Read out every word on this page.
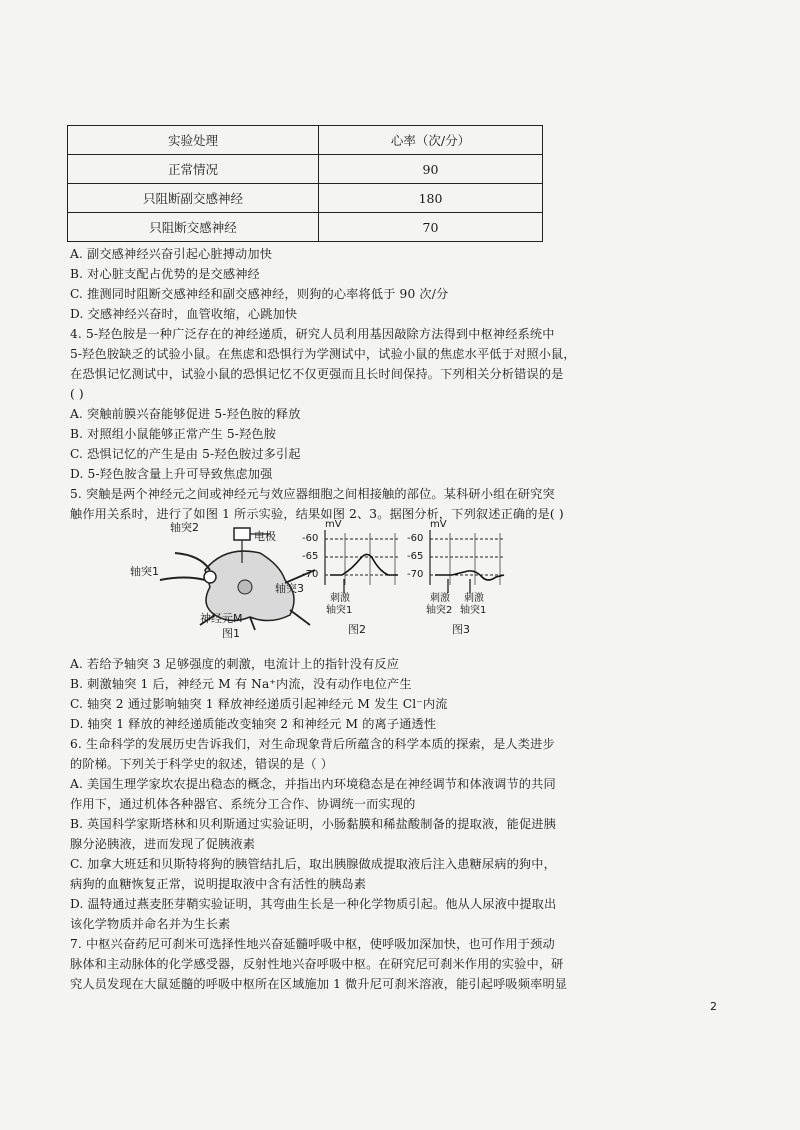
实验处理	心率（次/分）
正常情况	90
只阻断副交感神经	180
只阻断交感神经	70
A. 副交感神经兴奋引起心脏搏动加快
B. 对心脏支配占优势的是交感神经
C. 推测同时阻断交感神经和副交感神经，则狗的心率将低于 90 次/分
D. 交感神经兴奋时，血管收缩，心跳加快
4. 5-羟色胺是一种广泛存在的神经递质，研究人员利用基因敲除方法得到中枢神经系统中
5-羟色胺缺乏的试验小鼠。在焦虑和恐惧行为学测试中，试验小鼠的焦虑水平低于对照小鼠，
在恐惧记忆测试中，试验小鼠的恐惧记忆不仅更强而且长时间保持。下列相关分析错误的是
( )
A. 突触前膜兴奋能够促进 5-羟色胺的释放
B. 对照组小鼠能够正常产生 5-羟色胺
C. 恐惧记忆的产生是由 5-羟色胺过多引起
D. 5-羟色胺含量上升可导致焦虑加强
5. 突触是两个神经元之间或神经元与效应器细胞之间相接触的部位。某科研小组在研究突
触作用关系时，进行了如图 1 所示实验，结果如图 2、3。据图分析，下列叙述正确的是( )
轴突2
电极
轴突1
轴突3
神经元M
图1
mV
-60
-65
-70
刺激
轴突1
图2
mV
-60
-65
-70
刺激
轴突2
刺激
轴突1
图3
A. 若给予轴突 3 足够强度的刺激，电流计上的指针没有反应
B. 刺激轴突 1 后，神经元 M 有 Na⁺内流，没有动作电位产生
C. 轴突 2 通过影响轴突 1 释放神经递质引起神经元 M 发生 Cl⁻内流
D. 轴突 1 释放的神经递质能改变轴突 2 和神经元 M 的离子通透性
6. 生命科学的发展历史告诉我们，对生命现象背后所蕴含的科学本质的探索，是人类进步
的阶梯。下列关于科学史的叙述，错误的是（ ）
A. 美国生理学家坎农提出稳态的概念，并指出内环境稳态是在神经调节和体液调节的共同
作用下，通过机体各种器官、系统分工合作、协调统一而实现的
B. 英国科学家斯塔林和贝利斯通过实验证明，小肠黏膜和稀盐酸制备的提取液，能促进胰
腺分泌胰液，进而发现了促胰液素
C. 加拿大班廷和贝斯特将狗的胰管结扎后，取出胰腺做成提取液后注入患糖尿病的狗中，
病狗的血糖恢复正常，说明提取液中含有活性的胰岛素
D. 温特通过燕麦胚芽鞘实验证明，其弯曲生长是一种化学物质引起。他从人尿液中提取出
该化学物质并命名并为生长素
7. 中枢兴奋药尼可刹米可选择性地兴奋延髓呼吸中枢，使呼吸加深加快，也可作用于颈动
脉体和主动脉体的化学感受器，反射性地兴奋呼吸中枢。在研究尼可刹米作用的实验中，研
究人员发现在大鼠延髓的呼吸中枢所在区域施加 1 微升尼可刹米溶液，能引起呼吸频率明显
2
